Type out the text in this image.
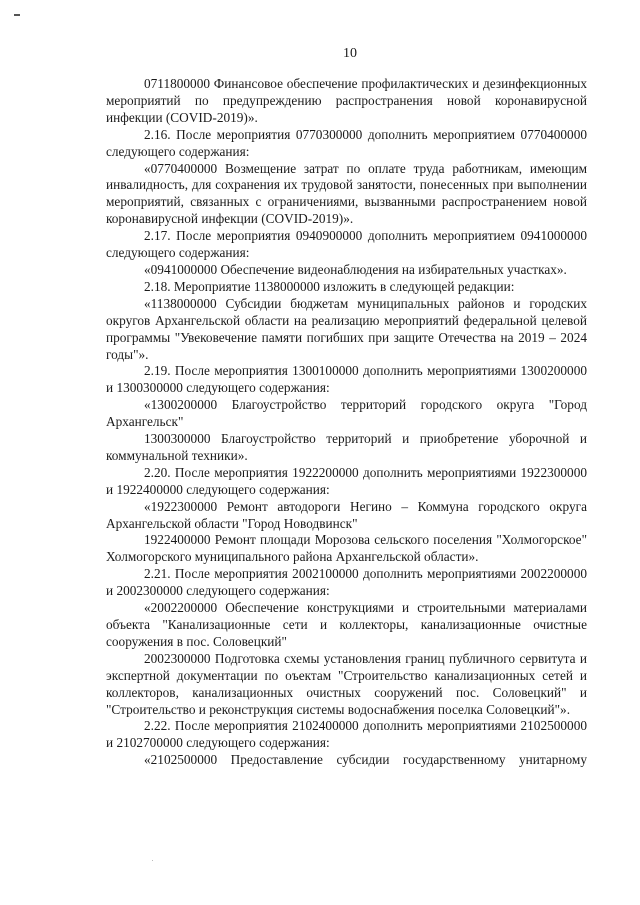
10

0711800000 Финансовое обеспечение профилактических и дезинфекционных мероприятий по предупреждению распространения новой коронавирусной инфекции (COVID-2019)».

2.16. После мероприятия 0770300000 дополнить мероприятием 0770400000 следующего содержания:

«0770400000 Возмещение затрат по оплате труда работникам, имеющим инвалидность, для сохранения их трудовой занятости, понесенных при выполнении мероприятий, связанных с ограничениями, вызванными распространением новой коронавирусной инфекции (COVID-2019)».

2.17. После мероприятия 0940900000 дополнить мероприятием 0941000000 следующего содержания:

«0941000000 Обеспечение видеонаблюдения на избирательных участках».

2.18. Мероприятие 1138000000 изложить в следующей редакции:

«1138000000 Субсидии бюджетам муниципальных районов и городских округов Архангельской области на реализацию мероприятий федеральной целевой программы "Увековечение памяти погибших при защите Отечества на 2019 – 2024 годы"».

2.19. После мероприятия 1300100000 дополнить мероприятиями 1300200000 и 1300300000 следующего содержания:

«1300200000 Благоустройство территорий городского округа "Город Архангельск"

1300300000 Благоустройство территорий и приобретение уборочной и коммунальной техники».

2.20. После мероприятия 1922200000 дополнить мероприятиями 1922300000 и 1922400000 следующего содержания:

«1922300000 Ремонт автодороги Негино – Коммуна городского округа Архангельской области "Город Новодвинск"

1922400000 Ремонт площади Морозова сельского поселения "Холмогорское" Холмогорского муниципального района Архангельской области».

2.21. После мероприятия 2002100000 дополнить мероприятиями 2002200000 и 2002300000 следующего содержания:

«2002200000 Обеспечение конструкциями и строительными материалами объекта "Канализационные сети и коллекторы, канализационные очистные сооружения в пос. Соловецкий"

2002300000 Подготовка схемы установления границ публичного сервитута и экспертной документации по оъектам "Строительство канализационных сетей и коллекторов, канализационных очистных сооружений пос. Соловецкий" и "Строительство и реконструкция системы водоснабжения поселка Соловецкий"».

2.22. После мероприятия 2102400000 дополнить мероприятиями 2102500000 и 2102700000 следующего содержания:

«2102500000 Предоставление субсидии государственному унитарному
